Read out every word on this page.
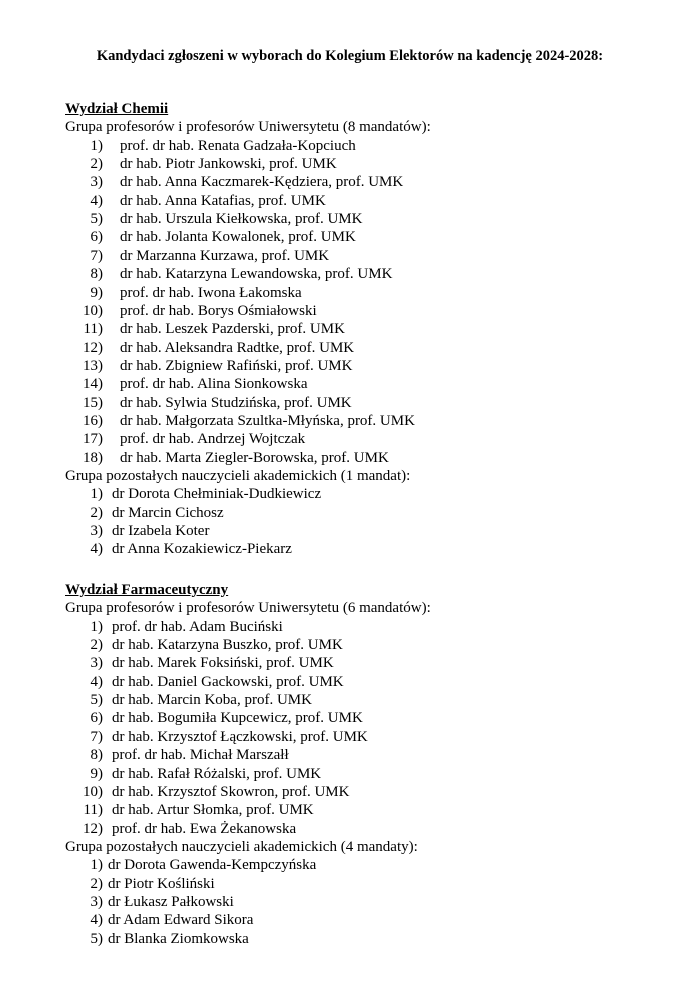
Kandydaci zgłoszeni w wyborach do Kolegium Elektorów na kadencję 2024-2028:
Wydział Chemii
Grupa profesorów i profesorów Uniwersytetu (8 mandatów):
1) prof. dr hab. Renata Gadzała-Kopciuch
2) dr hab. Piotr Jankowski, prof. UMK
3) dr hab. Anna Kaczmarek-Kędziera, prof. UMK
4) dr hab. Anna Katafias, prof. UMK
5) dr hab. Urszula Kiełkowska, prof. UMK
6) dr hab. Jolanta Kowalonek, prof. UMK
7) dr Marzanna Kurzawa, prof. UMK
8) dr hab. Katarzyna Lewandowska, prof. UMK
9) prof. dr hab. Iwona Łakomska
10) prof. dr hab. Borys Ośmiałowski
11) dr hab. Leszek Pazderski, prof. UMK
12) dr hab. Aleksandra Radtke, prof. UMK
13) dr hab. Zbigniew Rafiński, prof. UMK
14) prof. dr hab. Alina Sionkowska
15) dr hab. Sylwia Studzińska, prof. UMK
16) dr hab. Małgorzata Szultka-Młyńska, prof. UMK
17) prof. dr hab. Andrzej Wojtczak
18) dr hab. Marta Ziegler-Borowska, prof. UMK
Grupa pozostałych nauczycieli akademickich (1 mandat):
1) dr Dorota Chełminiak-Dudkiewicz
2) dr Marcin Cichosz
3) dr Izabela Koter
4) dr Anna Kozakiewicz-Piekarz
Wydział Farmaceutyczny
Grupa profesorów i profesorów Uniwersytetu (6 mandatów):
1) prof. dr hab. Adam Buciński
2) dr hab. Katarzyna Buszko, prof. UMK
3) dr hab. Marek Foksiński, prof. UMK
4) dr hab. Daniel Gackowski, prof. UMK
5) dr hab. Marcin Koba, prof. UMK
6) dr hab. Bogumiła Kupcewicz, prof. UMK
7) dr hab. Krzysztof Łączkowski, prof. UMK
8) prof. dr hab. Michał Marszałł
9) dr hab. Rafał Różalski, prof. UMK
10) dr hab. Krzysztof Skowron, prof. UMK
11) dr hab. Artur Słomka, prof. UMK
12) prof. dr hab. Ewa Żekanowska
Grupa pozostałych nauczycieli akademickich (4 mandaty):
1) dr Dorota Gawenda-Kempczyńska
2) dr Piotr Kośliński
3) dr Łukasz Pałkowski
4) dr Adam Edward Sikora
5) dr Blanka Ziomkowska
